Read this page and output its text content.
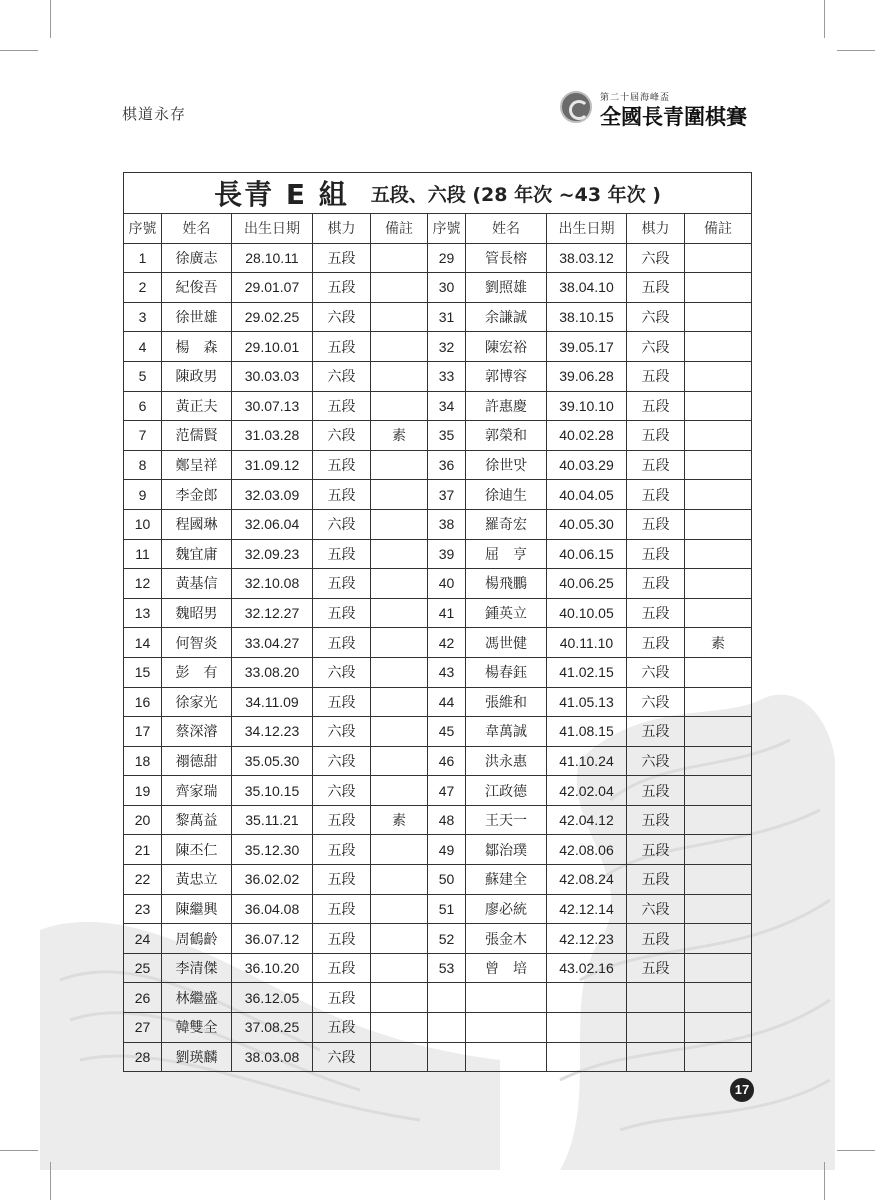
棋道永存
第二十屆海峰盃
全國長青圍棋賽
長青 E 組 五段、六段 (28 年次 ~43 年次 )									
序號	姓名	出生日期	棋力	備註	序號	姓名	出生日期	棋力	備註
1	徐廣志	28.10.11	五段		29	管長榕	38.03.12	六段	
2	紀俊吾	29.01.07	五段		30	劉照雄	38.04.10	五段	
3	徐世雄	29.02.25	六段		31	余謙誠	38.10.15	六段	
4	楊　森	29.10.01	五段		32	陳宏裕	39.05.17	六段	
5	陳政男	30.03.03	六段		33	郭博容	39.06.28	五段	
6	黃正夫	30.07.13	五段		34	許惠慶	39.10.10	五段	
7	范儒賢	31.03.28	六段	素	35	郭榮和	40.02.28	五段	
8	鄭呈祥	31.09.12	五段		36	徐世맛	40.03.29	五段	
9	李金郎	32.03.09	五段		37	徐迪生	40.04.05	五段	
10	程國琳	32.06.04	六段		38	羅奇宏	40.05.30	五段	
11	魏宜庸	32.09.23	五段		39	屈　亨	40.06.15	五段	
12	黃基信	32.10.08	五段		40	楊飛鵬	40.06.25	五段	
13	魏昭男	32.12.27	五段		41	鍾英立	40.10.05	五段	
14	何智炎	33.04.27	五段		42	馮世健	40.11.10	五段	素
15	彭　有	33.08.20	六段		43	楊春鈺	41.02.15	六段	
16	徐家光	34.11.09	五段		44	張維和	41.05.13	六段	
17	蔡深濬	34.12.23	六段		45	韋萬誠	41.08.15	五段	
18	禤德甜	35.05.30	六段		46	洪永惠	41.10.24	六段	
19	齊家瑞	35.10.15	六段		47	江政德	42.02.04	五段	
20	黎萬益	35.11.21	五段	素	48	王天一	42.04.12	五段	
21	陳丕仁	35.12.30	五段		49	鄒治璞	42.08.06	五段	
22	黃忠立	36.02.02	五段		50	蘇建全	42.08.24	五段	
23	陳繼興	36.04.08	五段		51	廖必統	42.12.14	六段	
24	周鶴齡	36.07.12	五段		52	張金木	42.12.23	五段	
25	李清傑	36.10.20	五段		53	曾　培	43.02.16	五段	
26	林繼盛	36.12.05	五段						
27	韓雙全	37.08.25	五段						
28	劉瑛麟	38.03.08	六段						
17
